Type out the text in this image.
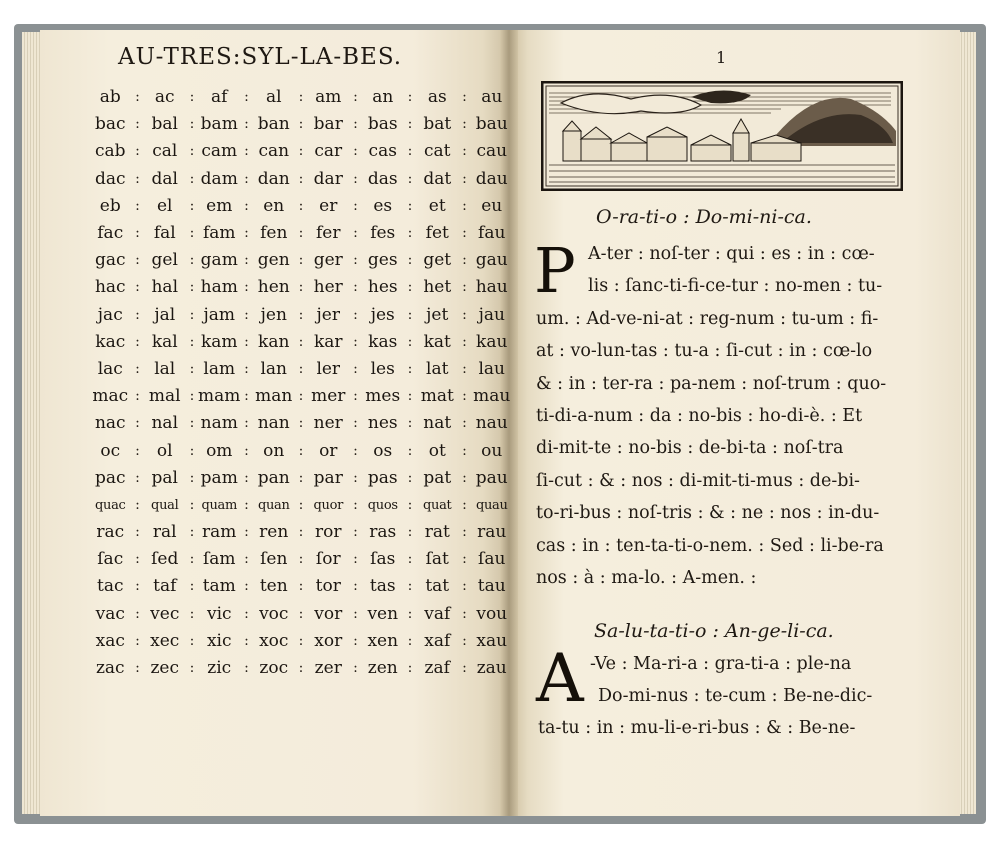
AU-TRES:SYL-LA-BES.
ab	:	ac	:	af	:	al	:	am	:	an	:	as	:	au
bac	:	bal	:	bam	:	ban	:	bar	:	bas	:	bat	:	bau
cab	:	cal	:	cam	:	can	:	car	:	cas	:	cat	:	cau
dac	:	dal	:	dam	:	dan	:	dar	:	das	:	dat	:	dau
eb	:	el	:	em	:	en	:	er	:	es	:	et	:	eu
fac	:	fal	:	fam	:	fen	:	fer	:	fes	:	fet	:	fau
gac	:	gel	:	gam	:	gen	:	ger	:	ges	:	get	:	gau
hac	:	hal	:	ham	:	hen	:	her	:	hes	:	het	:	hau
jac	:	jal	:	jam	:	jen	:	jer	:	jes	:	jet	:	jau
kac	:	kal	:	kam	:	kan	:	kar	:	kas	:	kat	:	kau
lac	:	lal	:	lam	:	lan	:	ler	:	les	:	lat	:	lau
mac	:	mal	:	mam	:	man	:	mer	:	mes	:	mat	:	mau
nac	:	nal	:	nam	:	nan	:	ner	:	nes	:	nat	:	nau
oc	:	ol	:	om	:	on	:	or	:	os	:	ot	:	ou
pac	:	pal	:	pam	:	pan	:	par	:	pas	:	pat	:	pau
quac	:	qual	:	quam	:	quan	:	quor	:	quos	:	quat	:	quau
rac	:	ral	:	ram	:	ren	:	ror	:	ras	:	rat	:	rau
ſac	:	ſed	:	ſam	:	ſen	:	ſor	:	ſas	:	ſat	:	ſau
tac	:	taf	:	tam	:	ten	:	tor	:	tas	:	tat	:	tau
vac	:	vec	:	vic	:	voc	:	vor	:	ven	:	vaf	:	vou
xac	:	xec	:	xic	:	xoc	:	xor	:	xen	:	xaf	:	xau
zac	:	zec	:	zic	:	zoc	:	zer	:	zen	:	zaf	:	zau
1
O-ra-ti-o : Do-mi-ni-ca.
P A-ter : noſ-ter : qui : es : in : cœ-
lis : ſanc-ti-fi-ce-tur : no-men : tu-
um. : Ad-ve-ni-at : reg-num : tu-um : fi-
at : vo-lun-tas : tu-a : ſi-cut : in : cœ-lo
& : in : ter-ra : pa-nem : noſ-trum : quo-
ti-di-a-num : da : no-bis : ho-di-è. : Et
di-mit-te : no-bis : de-bi-ta : noſ-tra
ſi-cut : & : nos : di-mit-ti-mus : de-bi-
to-ri-bus : noſ-tris : & : ne : nos : in-du-
cas : in : ten-ta-ti-o-nem. : Sed : li-be-ra
nos : à : ma-lo. : A-men. :
Sa-lu-ta-ti-o : An-ge-li-ca.
A -Ve : Ma-ri-a : gra-ti-a : ple-na
Do-mi-nus : te-cum : Be-ne-dic-
ta-tu : in : mu-li-e-ri-bus : & : Be-ne-
